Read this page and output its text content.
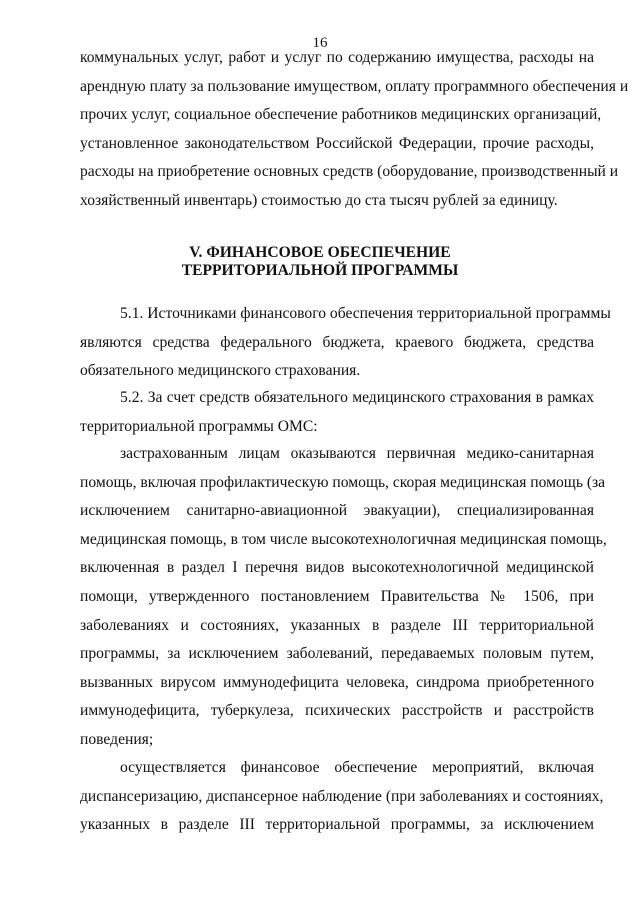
16
коммунальных услуг, работ и услуг по содержанию имущества, расходы на
арендную плату за пользование имуществом, оплату программного обеспечения и
прочих услуг, социальное обеспечение работников медицинских организаций,
установленное законодательством Российской Федерации, прочие расходы,
расходы на приобретение основных средств (оборудование, производственный и
хозяйственный инвентарь) стоимостью до ста тысяч рублей за единицу.
V. ФИНАНСОВОЕ ОБЕСПЕЧЕНИЕ
ТЕРРИТОРИАЛЬНОЙ ПРОГРАММЫ
5.1. Источниками финансового обеспечения территориальной программы
являются средства федерального бюджета, краевого бюджета, средства
обязательного медицинского страхования.
5.2. За счет средств обязательного медицинского страхования в рамках
территориальной программы ОМС:
застрахованным лицам оказываются первичная медико-санитарная
помощь, включая профилактическую помощь, скорая медицинская помощь (за
исключением санитарно-авиационной эвакуации), специализированная
медицинская помощь, в том числе высокотехнологичная медицинская помощь,
включенная в раздел I перечня видов высокотехнологичной медицинской
помощи, утвержденного постановлением Правительства № 1506, при
заболеваниях и состояниях, указанных в разделе III территориальной
программы, за исключением заболеваний, передаваемых половым путем,
вызванных вирусом иммунодефицита человека, синдрома приобретенного
иммунодефицита, туберкулеза, психических расстройств и расстройств
поведения;
осуществляется финансовое обеспечение мероприятий, включая
диспансеризацию, диспансерное наблюдение (при заболеваниях и состояниях,
указанных в разделе III территориальной программы, за исключением
